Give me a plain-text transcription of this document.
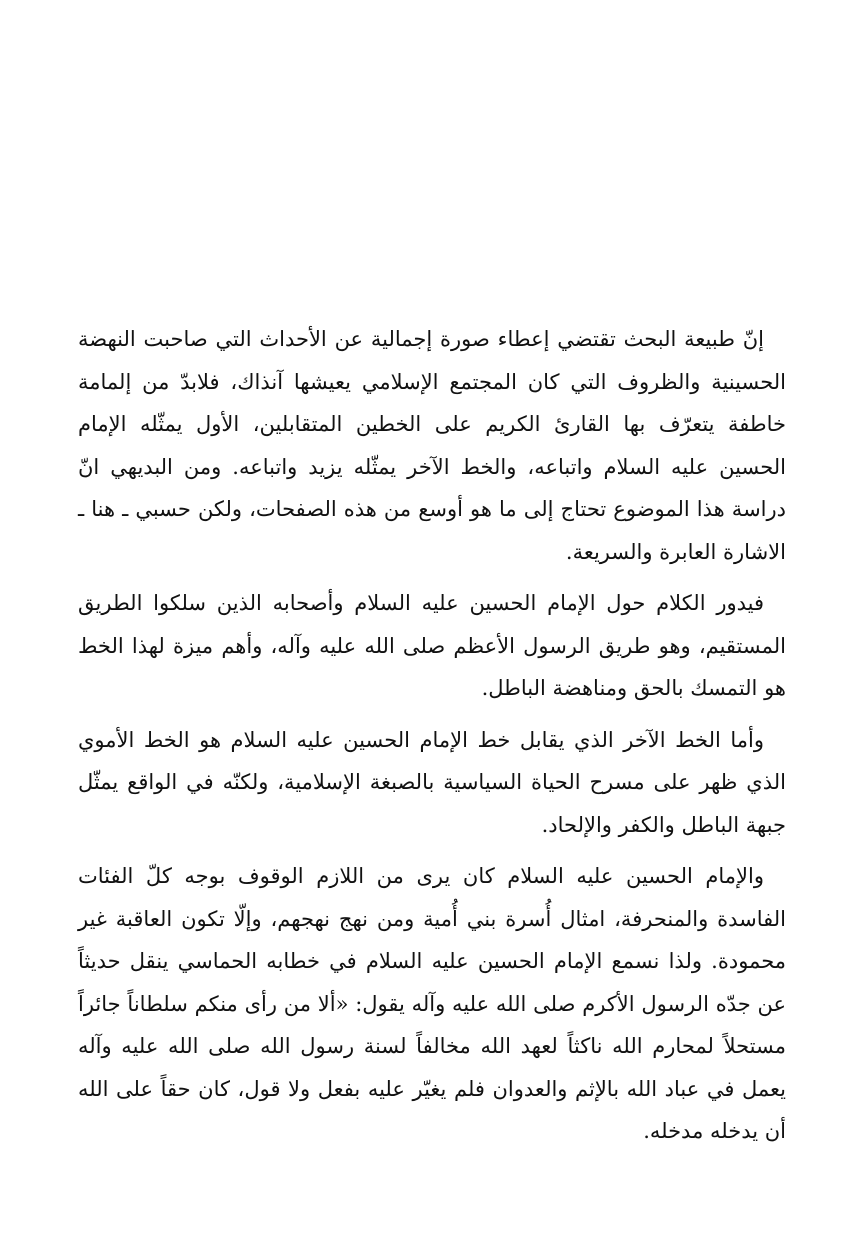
إنّ طبيعة البحث تقتضي إعطاء صورة إجمالية عن الأحداث التي صاحبت النهضة الحسينية والظروف التي كان المجتمع الإسلامي يعيشها آنذاك، فلابدّ من إلمامة خاطفة يتعرّف بها القارئ الكريم على الخطين المتقابلين، الأول يمثّله الإمام الحسين عليه السلام واتباعه، والخط الآخر يمثّله يزيد واتباعه. ومن البديهي انّ دراسة هذا الموضوع تحتاج إلى ما هو أوسع من هذه الصفحات، ولكن حسبي ـ هنا ـ الاشارة العابرة والسريعة.

فيدور الكلام حول الإمام الحسين عليه السلام وأصحابه الذين سلكوا الطريق المستقيم، وهو طريق الرسول الأعظم صلى الله عليه وآله، وأهم ميزة لهذا الخط هو التمسك بالحق ومناهضة الباطل.

وأما الخط الآخر الذي يقابل خط الإمام الحسين عليه السلام هو الخط الأموي الذي ظهر على مسرح الحياة السياسية بالصبغة الإسلامية، ولكنّه في الواقع يمثّل جبهة الباطل والكفر والإلحاد.

والإمام الحسين عليه السلام كان يرى من اللازم الوقوف بوجه كلّ الفئات الفاسدة والمنحرفة، امثال أُسرة بني أُمية ومن نهج نهجهم، وإلّا تكون العاقبة غير محمودة. ولذا نسمع الإمام الحسين عليه السلام في خطابه الحماسي ينقل حديثاً عن جدّه الرسول الأكرم صلى الله عليه وآله يقول: «ألا من رأى منكم سلطاناً جائراً مستحلاً لمحارم الله ناكثاً لعهد الله مخالفاً لسنة رسول الله صلى الله عليه وآله يعمل في عباد الله بالإثم والعدوان فلم يغيّر عليه بفعل ولا قول، كان حقاً على الله أن يدخله مدخله.
